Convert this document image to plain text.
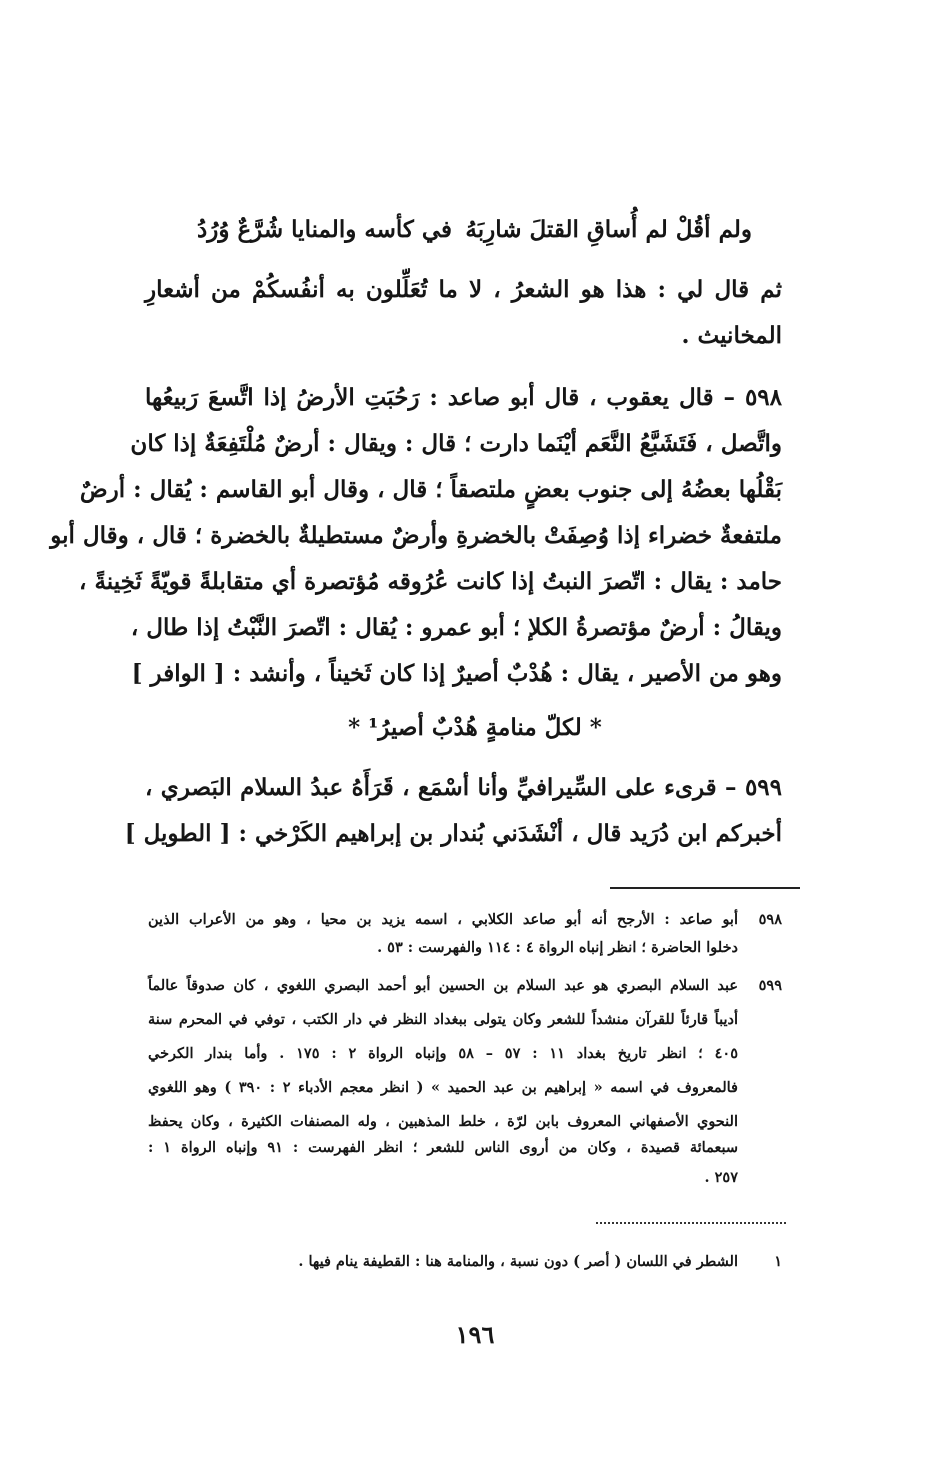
ولم أقُلْ لم أُساقِ القتلَ شارِبَهُ
في كأسه والمنايا شُرَّعٌ وُرُدُ
ثم قال لي : هذا هو الشعرُ ، لا ما تُعَلِّلون به أنفُسكُمْ من أشعارِ
المخانيث .
٥٩٨ – قال يعقوب ، قال أبو صاعد : رَحُبَتِ الأرضُ إذا اتَّسعَ رَبيعُها
واتَّصل ، فَتَشَبَّعُ النَّعَم أيْنَما دارت ؛ قال : ويقال : أرضٌ مُلْتَفِعَةٌ إذا كان
بَقْلُها بعضُهُ إلى جنوب بعضٍ ملتصقاً ؛ قال ، وقال أبو القاسم : يُقال : أرضٌ
ملتفعةٌ خضراء إذا وُصِفَتْ بالخضرةِ وأرضٌ مستطيلةٌ بالخضرة ؛ قال ، وقال أبو
حامد : يقال : اتّصرَ النبتُ إذا كانت عُرُوقه مُؤتصرة أي متقابلةً قويّةً ثَخِينةً ،
ويقالُ : أرضٌ مؤتصرةُ الكلإ ؛ أبو عمرو : يُقال : اتّصرَ النَّبْتُ إذا طال ،
وهو من الأصير ، يقال : هُدْبٌ أصيرٌ إذا كان ثَخيناً ، وأنشد : [ الوافر ]
* لكلّ منامةٍ هُدْبٌ أصيرُ¹ *
٥٩٩ – قرىء على السِّيرافيِّ وأنا أسْمَع ، قَرَأَهُ عبدُ السلام البَصري ،
أخبركم ابن دُرَيد قال ، أنْشَدَني بُندار بن إبراهيم الكَرْخي : [ الطويل ]
٥٩٨
أبو صاعد : الأرجح أنه أبو صاعد الكلابي ، اسمه يزيد بن محيا ، وهو من الأعراب الذين
دخلوا الحاضرة ؛ انظر إنباه الرواة ٤ : ١١٤ والفهرست : ٥٣ .
٥٩٩
عبد السلام البصري هو عبد السلام بن الحسين أبو أحمد البصري اللغوي ، كان صدوقاً عالماً
أديباً قارئاً للقرآن منشداً للشعر وكان يتولى ببغداد النظر في دار الكتب ، توفي في المحرم سنة
٤٠٥ ؛ انظر تاريخ بغداد ١١ : ٥٧ – ٥٨ وإنباه الرواة ٢ : ١٧٥ . وأما بندار الكرخي
فالمعروف في اسمه « إبراهيم بن عبد الحميد » ( انظر معجم الأدباء ٢ : ٣٩٠ ) وهو اللغوي
النحوي الأصفهاني المعروف بابن لرّة ، خلط المذهبين ، وله المصنفات الكثيرة ، وكان يحفظ
سبعمائة قصيدة ، وكان من أروى الناس للشعر ؛ انظر الفهرست : ٩١ وإنباه الرواة ١ :
٢٥٧ .
١
الشطر في اللسان ( أصر ) دون نسبة ، والمنامة هنا : القطيفة ينام فيها .
١٩٦
